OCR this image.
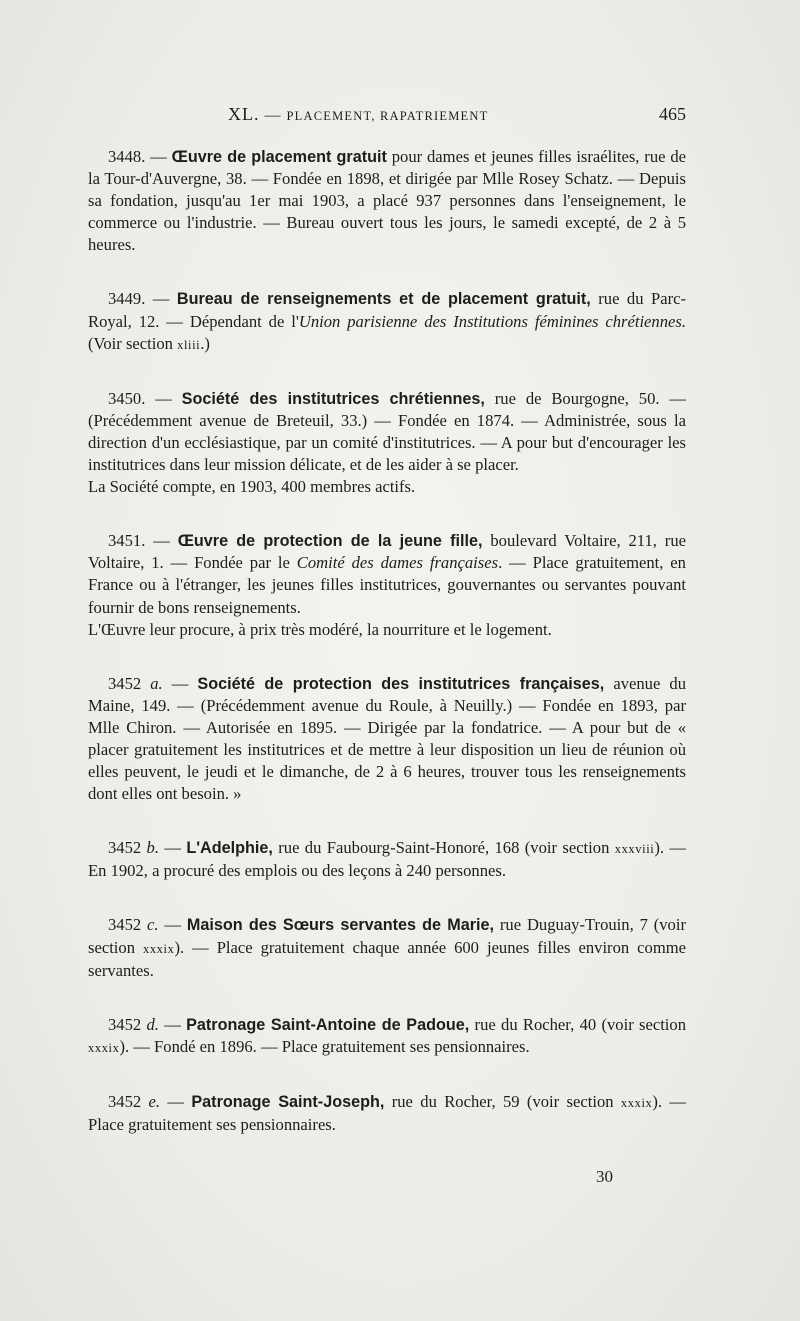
XL. — PLACEMENT, RAPATRIEMENT	465

3448. — Œuvre de placement gratuit pour dames et jeunes filles israélites, rue de la Tour-d'Auvergne, 38. — Fondée en 1898, et dirigée par Mlle Rosey Schatz. — Depuis sa fondation, jusqu'au 1er mai 1903, a placé 937 personnes dans l'enseignement, le commerce ou l'industrie. — Bureau ouvert tous les jours, le samedi excepté, de 2 à 5 heures.

3449. — Bureau de renseignements et de placement gratuit, rue du Parc-Royal, 12. — Dépendant de l'Union parisienne des Institutions féminines chrétiennes. (Voir section xliii.)

3450. — Société des institutrices chrétiennes, rue de Bourgogne, 50. — (Précédemment avenue de Breteuil, 33.) — Fondée en 1874. — Administrée, sous la direction d'un ecclésiastique, par un comité d'institutrices. — A pour but d'encourager les institutrices dans leur mission délicate, et de les aider à se placer.

La Société compte, en 1903, 400 membres actifs.

3451. — Œuvre de protection de la jeune fille, boulevard Voltaire, 211, rue Voltaire, 1. — Fondée par le Comité des dames françaises. — Place gratuitement, en France ou à l'étranger, les jeunes filles institutrices, gouvernantes ou servantes pouvant fournir de bons renseignements.

L'Œuvre leur procure, à prix très modéré, la nourriture et le logement.

3452 a. — Société de protection des institutrices françaises, avenue du Maine, 149. — (Précédemment avenue du Roule, à Neuilly.) — Fondée en 1893, par Mlle Chiron. — Autorisée en 1895. — Dirigée par la fondatrice. — A pour but de « placer gratuitement les institutrices et de mettre à leur disposition un lieu de réunion où elles peuvent, le jeudi et le dimanche, de 2 à 6 heures, trouver tous les renseignements dont elles ont besoin. »

3452 b. — L'Adelphie, rue du Faubourg-Saint-Honoré, 168 (voir section xxxviii). — En 1902, a procuré des emplois ou des leçons à 240 personnes.

3452 c. — Maison des Sœurs servantes de Marie, rue Duguay-Trouin, 7 (voir section xxxix). — Place gratuitement chaque année 600 jeunes filles environ comme servantes.

3452 d. — Patronage Saint-Antoine de Padoue, rue du Rocher, 40 (voir section xxxix). — Fondé en 1896. — Place gratuitement ses pensionnaires.

3452 e. — Patronage Saint-Joseph, rue du Rocher, 59 (voir section xxxix). — Place gratuitement ses pensionnaires.

30
